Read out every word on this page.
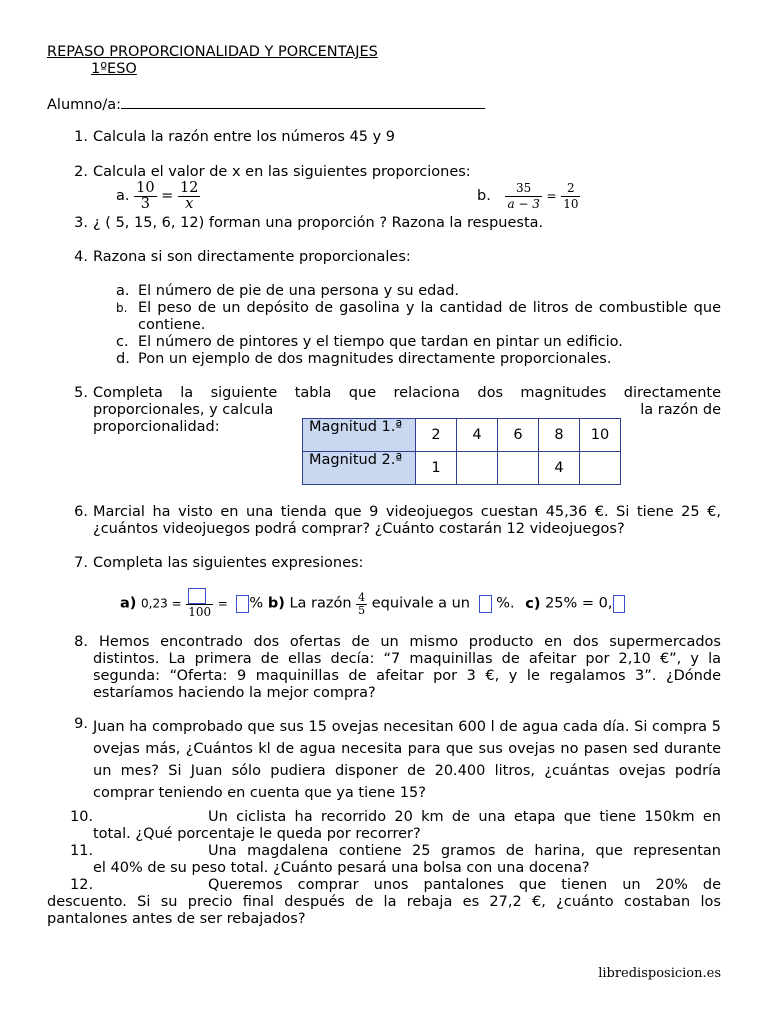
REPASO PROPORCIONALIDAD Y PORCENTAJES
1ºESO
Alumno/a:
1. Calcula la razón entre los números 45 y 9
2. Calcula el valor de x en las siguientes proporciones:
a. $\frac{10}{3} = \frac{12}{x}$	b. $\frac{35}{a - 3} = \frac{2}{10}$
3. ¿ ( 5, 15, 6, 12) forman una proporción ? Razona la respuesta.
4. Razona si son directamente proporcionales:
a. El número de pie de una persona y su edad.
b. El peso de un depósito de gasolina y la cantidad de litros de combustible que contiene.
c. El número de pintores y el tiempo que tardan en pintar un edificio.
d. Pon un ejemplo de dos magnitudes directamente proporcionales.
5. Completa la siguiente tabla que relaciona dos magnitudes directamente
proporcionales, y calcula	la razón de
proporcionalidad:	Magnitud 1.ª	2	4	6	8	10
Magnitud 2.ª	1			4	
6. Marcial ha visto en una tienda que 9 videojuegos cuestan 45,36 €. Si tiene 25 €, ¿cuántos videojuegos podrá comprar? ¿Cuánto costarán 12 videojuegos?
7. Completa las siguientes expresiones:
a) 0,23 =
100
= % b) La razón $\frac{4}{5}$ equivale a un %. c) 25% = 0,
8. Hemos encontrado dos ofertas de un mismo producto en dos supermercados distintos. La primera de ellas decía: “7 maquinillas de afeitar por 2,10 €”, y la segunda: “Oferta: 9 maquinillas de afeitar por 3 €, y le regalamos 3”. ¿Dónde estaríamos haciendo la mejor compra?
9. Juan ha comprobado que sus 15 ovejas necesitan 600 l de agua cada día. Si compra 5 ovejas más, ¿Cuántos kl de agua necesita para que sus ovejas no pasen sed durante un mes? Si Juan sólo pudiera disponer de 20.400 litros, ¿cuántas ovejas podría comprar teniendo en cuenta que ya tiene 15?
10.	Un ciclista ha recorrido 20 km de una etapa que tiene 150km en
total. ¿Qué porcentaje le queda por recorrer?
11.	Una magdalena contiene 25 gramos de harina, que representan
el 40% de su peso total. ¿Cuánto pesará una bolsa con una docena?
12.	Queremos comprar unos pantalones que tienen un 20% de
descuento. Si su precio final después de la rebaja es 27,2 €, ¿cuánto costaban los pantalones antes de ser rebajados?
libredisposicion.es
